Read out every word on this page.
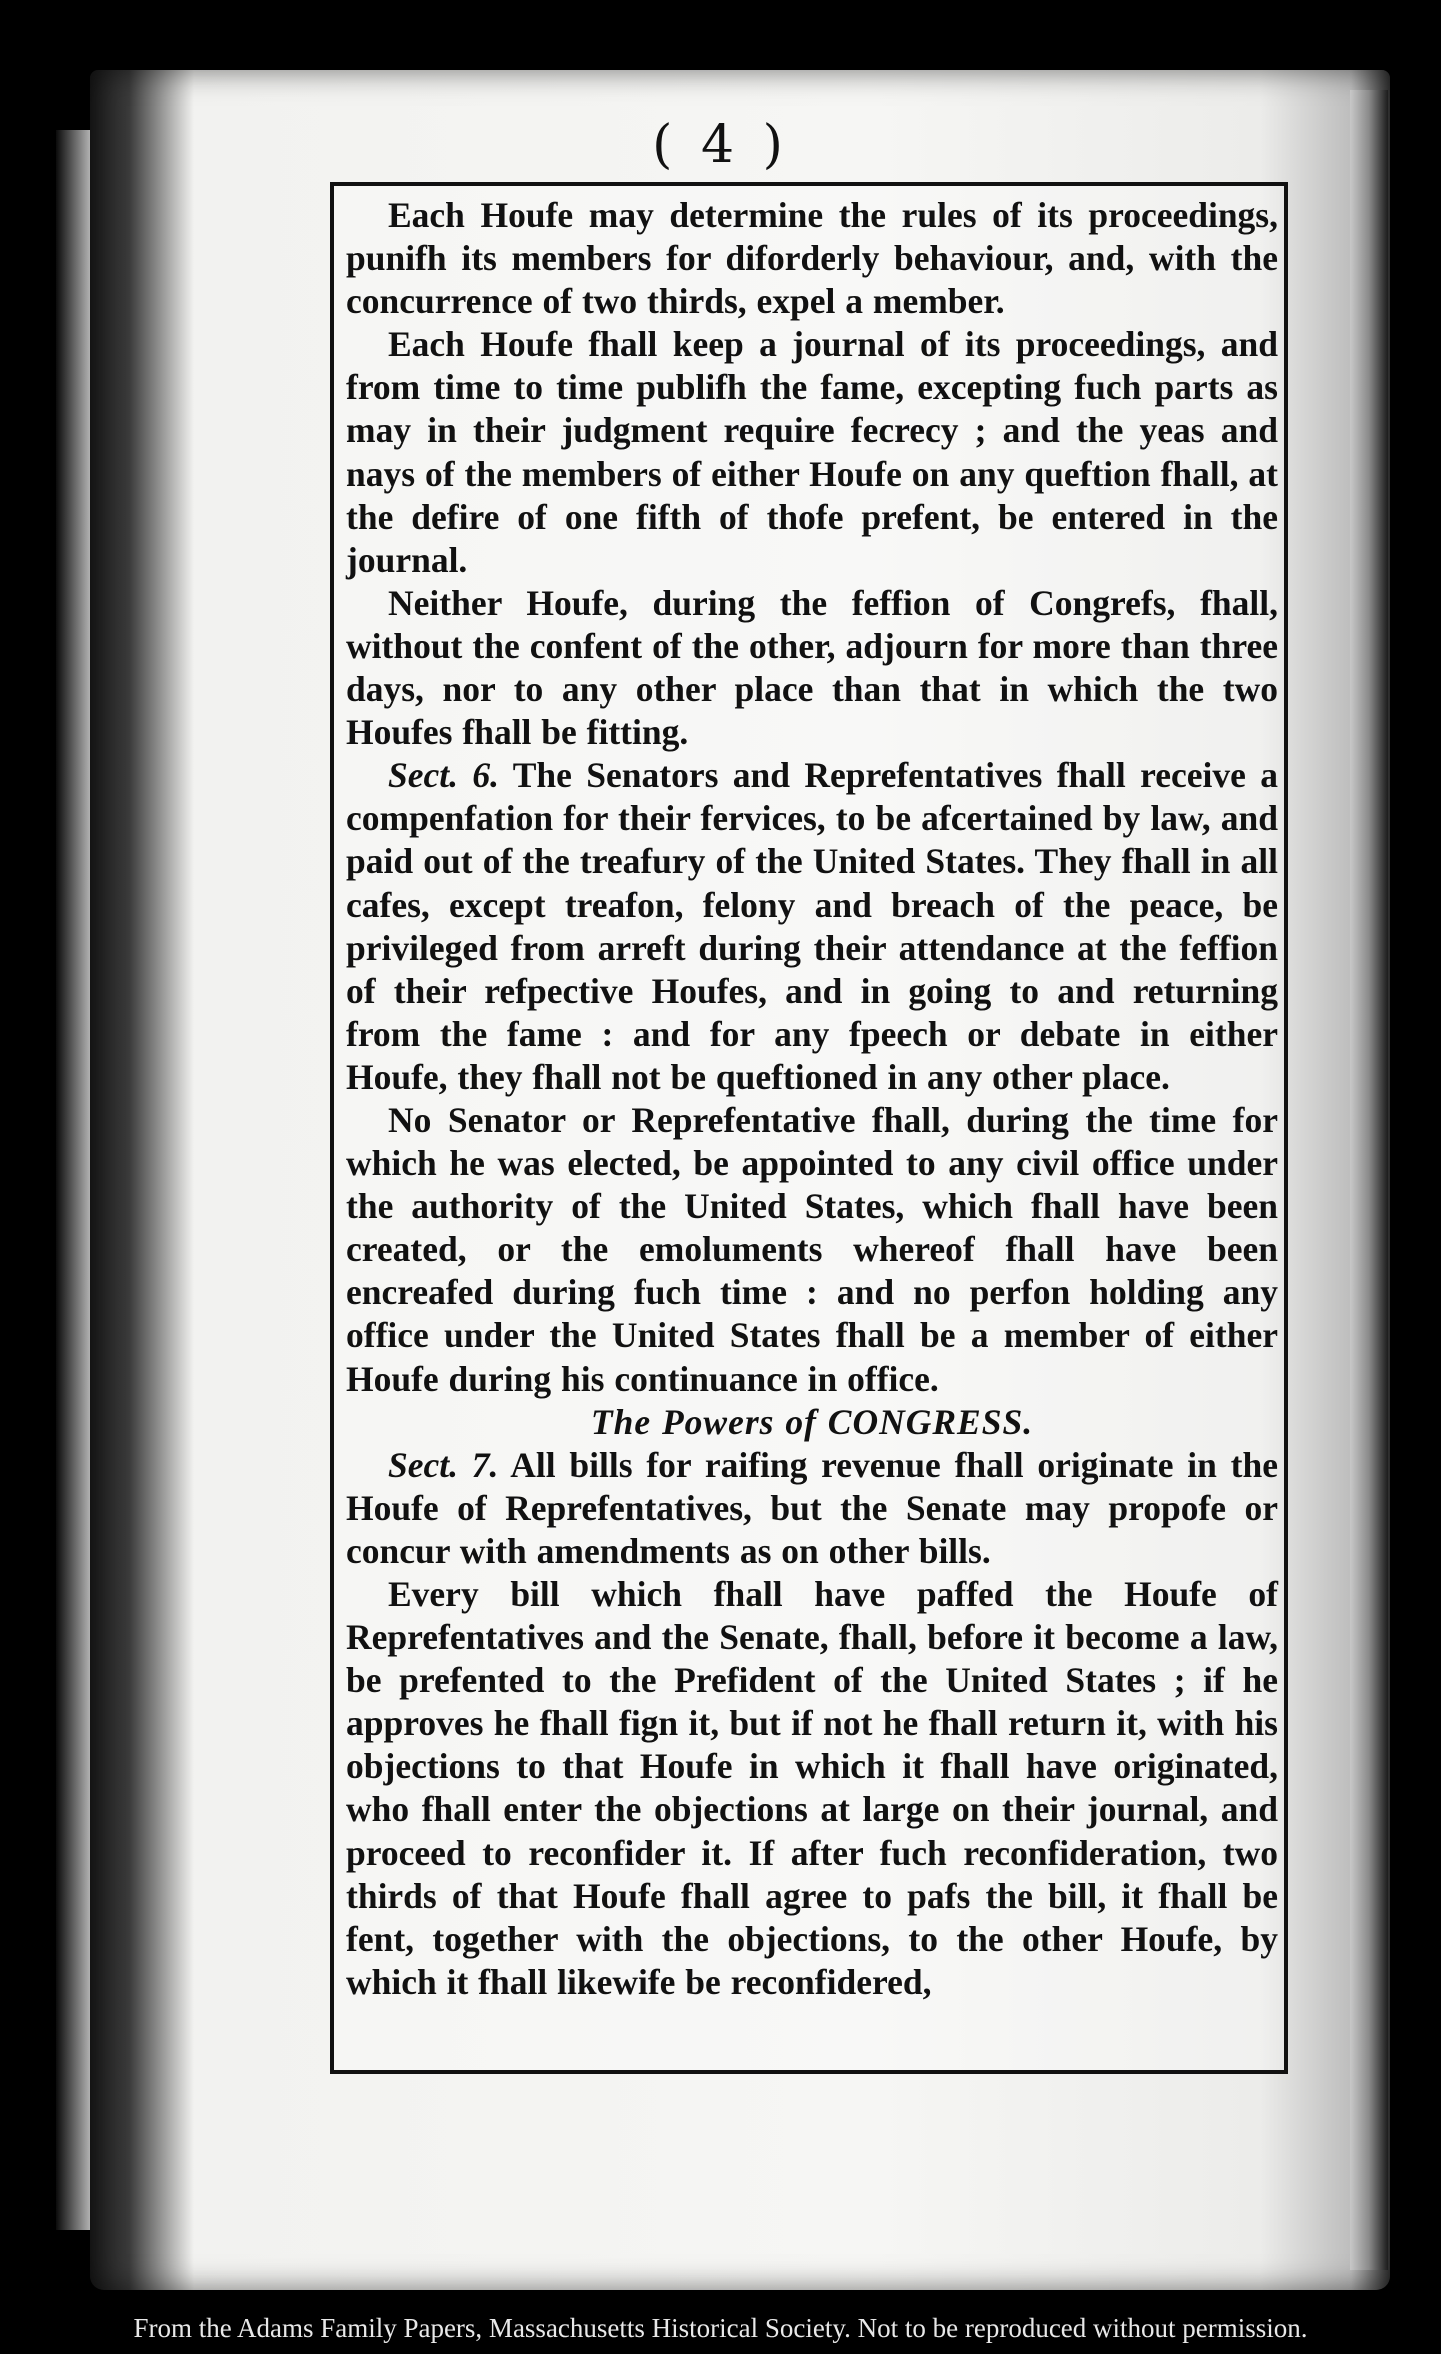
( 4 )

Each Houfe may determine the rules of its proceedings, punifh its members for diforderly behaviour, and, with the concurrence of two thirds, expel a member.

Each Houfe fhall keep a journal of its proceedings, and from time to time publifh the fame, excepting fuch parts as may in their judgment require fecrecy ; and the yeas and nays of the members of either Houfe on any queftion fhall, at the defire of one fifth of thofe prefent, be entered in the journal.

Neither Houfe, during the feffion of Congrefs, fhall, without the confent of the other, adjourn for more than three days, nor to any other place than that in which the two Houfes fhall be fitting.

Sect. 6. The Senators and Reprefentatives fhall receive a compenfation for their fervices, to be afcertained by law, and paid out of the treafury of the United States. They fhall in all cafes, except treafon, felony and breach of the peace, be privileged from arreft during their attendance at the feffion of their refpective Houfes, and in going to and returning from the fame : and for any fpeech or debate in either Houfe, they fhall not be queftioned in any other place.

No Senator or Reprefentative fhall, during the time for which he was elected, be appointed to any civil office under the authority of the United States, which fhall have been created, or the emoluments whereof fhall have been encreafed during fuch time : and no perfon holding any office under the United States fhall be a member of either Houfe during his continuance in office.

The Powers of CONGRESS.

Sect. 7. All bills for raifing revenue fhall originate in the Houfe of Reprefentatives, but the Senate may propofe or concur with amendments as on other bills.

Every bill which fhall have paffed the Houfe of Reprefentatives and the Senate, fhall, before it become a law, be prefented to the Prefident of the United States ; if he approves he fhall fign it, but if not he fhall return it, with his objections to that Houfe in which it fhall have originated, who fhall enter the objections at large on their journal, and proceed to reconfider it. If after fuch reconfideration, two thirds of that Houfe fhall agree to pafs the bill, it fhall be fent, together with the objections, to the other Houfe, by which it fhall likewife be reconfidered,

From the Adams Family Papers, Massachusetts Historical Society. Not to be reproduced without permission.
